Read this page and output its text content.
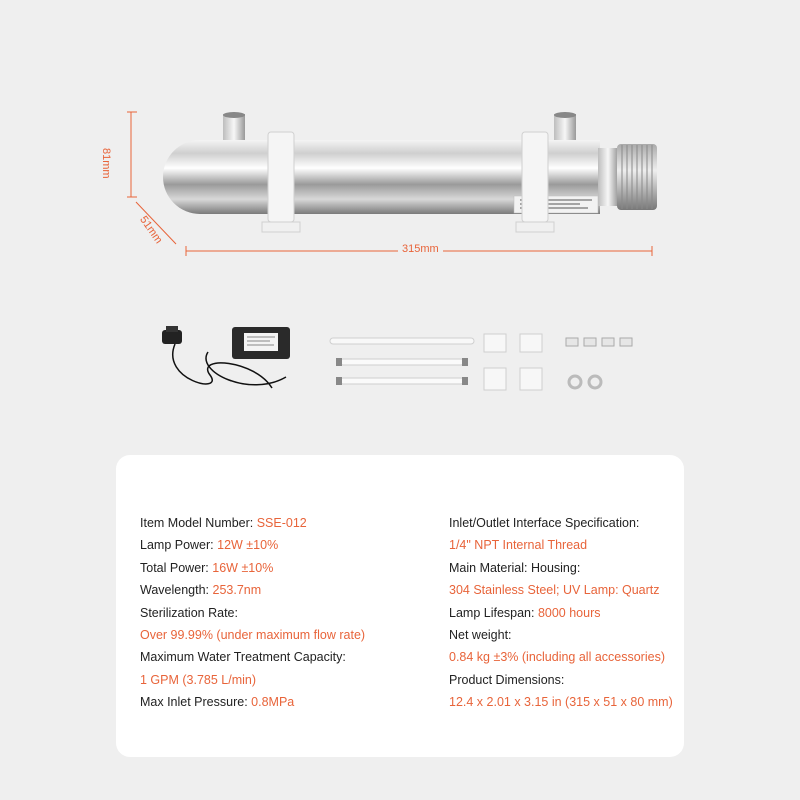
81mm
51mm
315mm
Item Model Number: SSE-012
Lamp Power: 12W ±10%
Total Power: 16W ±10%
Wavelength: 253.7nm
Sterilization Rate:
Over 99.99% (under maximum flow rate)
Maximum Water Treatment Capacity:
1 GPM (3.785 L/min)
Max Inlet Pressure: 0.8MPa
Inlet/Outlet Interface Specification:
1/4" NPT Internal Thread
Main Material: Housing:
304 Stainless Steel; UV Lamp: Quartz
Lamp Lifespan: 8000 hours
Net weight:
0.84 kg ±3% (including all accessories)
Product Dimensions:
12.4 x 2.01 x 3.15 in (315 x 51 x 80 mm)
